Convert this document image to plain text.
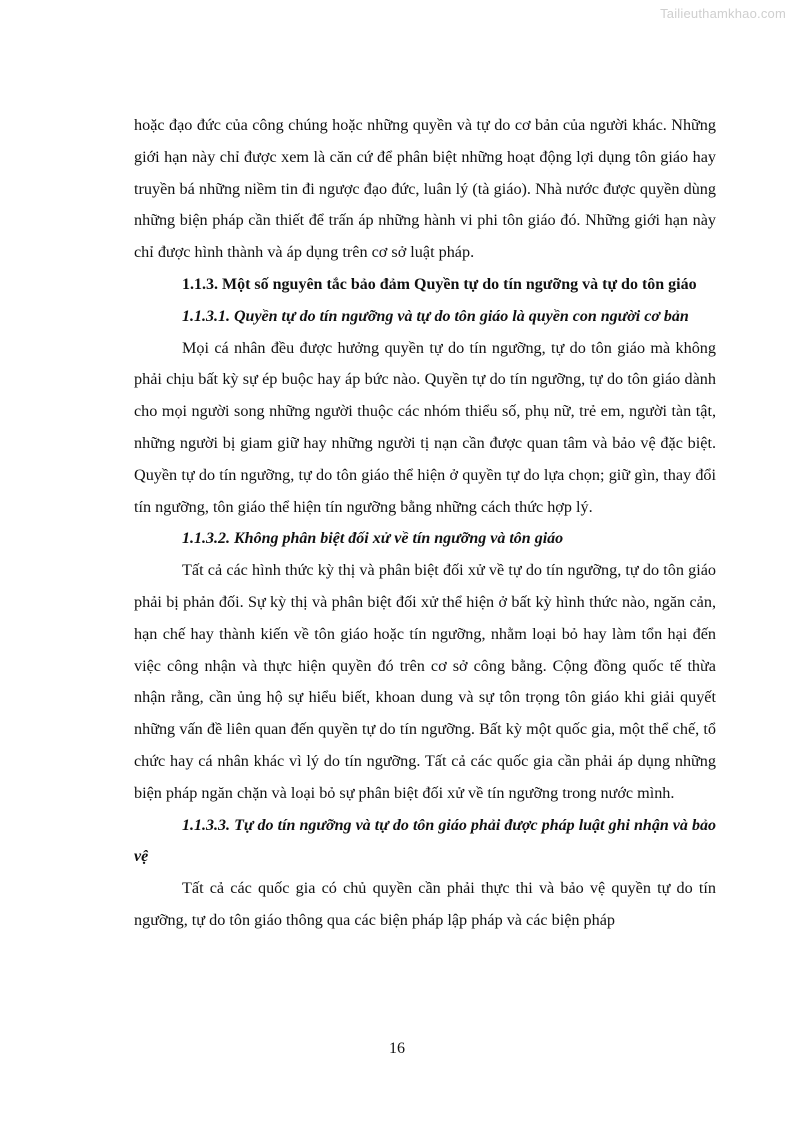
Tailieuthamkhao.com

hoặc đạo đức của công chúng hoặc những quyền và tự do cơ bản của người khác. Những giới hạn này chỉ được xem là căn cứ để phân biệt những hoạt động lợi dụng tôn giáo hay truyền bá những niềm tin đi ngược đạo đức, luân lý (tà giáo). Nhà nước được quyền dùng những biện pháp cần thiết để trấn áp những hành vi phi tôn giáo đó. Những giới hạn này chỉ được hình thành và áp dụng trên cơ sở luật pháp.

1.1.3. Một số nguyên tắc bảo đảm Quyền tự do tín ngưỡng và tự do tôn giáo

1.1.3.1. Quyền tự do tín ngưỡng và tự do tôn giáo là quyền con người cơ bản

Mọi cá nhân đều được hưởng quyền tự do tín ngưỡng, tự do tôn giáo mà không phải chịu bất kỳ sự ép buộc hay áp bức nào. Quyền tự do tín ngưỡng, tự do tôn giáo dành cho mọi người song những người thuộc các nhóm thiểu số, phụ nữ, trẻ em, người tàn tật, những người bị giam giữ hay những người tị nạn cần được quan tâm và bảo vệ đặc biệt. Quyền tự do tín ngưỡng, tự do tôn giáo thể hiện ở quyền tự do lựa chọn; giữ gìn, thay đổi tín ngưỡng, tôn giáo thể hiện tín ngưỡng bằng những cách thức hợp lý.

1.1.3.2. Không phân biệt đối xử về tín ngưỡng và tôn giáo

Tất cả các hình thức kỳ thị và phân biệt đối xử về tự do tín ngưỡng, tự do tôn giáo phải bị phản đối. Sự kỳ thị và phân biệt đối xử thể hiện ở bất kỳ hình thức nào, ngăn cản, hạn chế hay thành kiến về tôn giáo hoặc tín ngưỡng, nhằm loại bỏ hay làm tổn hại đến việc công nhận và thực hiện quyền đó trên cơ sở công bằng. Cộng đồng quốc tế thừa nhận rằng, cần ủng hộ sự hiểu biết, khoan dung và sự tôn trọng tôn giáo khi giải quyết những vấn đề liên quan đến quyền tự do tín ngưỡng. Bất kỳ một quốc gia, một thể chế, tổ chức hay cá nhân khác vì lý do tín ngưỡng. Tất cả các quốc gia cần phải áp dụng những biện pháp ngăn chặn và loại bỏ sự phân biệt đối xử về tín ngưỡng trong nước mình.

1.1.3.3. Tự do tín ngưỡng và tự do tôn giáo phải được pháp luật ghi nhận và bảo vệ

Tất cả các quốc gia có chủ quyền cần phải thực thi và bảo vệ quyền tự do tín ngưỡng, tự do tôn giáo thông qua các biện pháp lập pháp và các biện pháp

16
